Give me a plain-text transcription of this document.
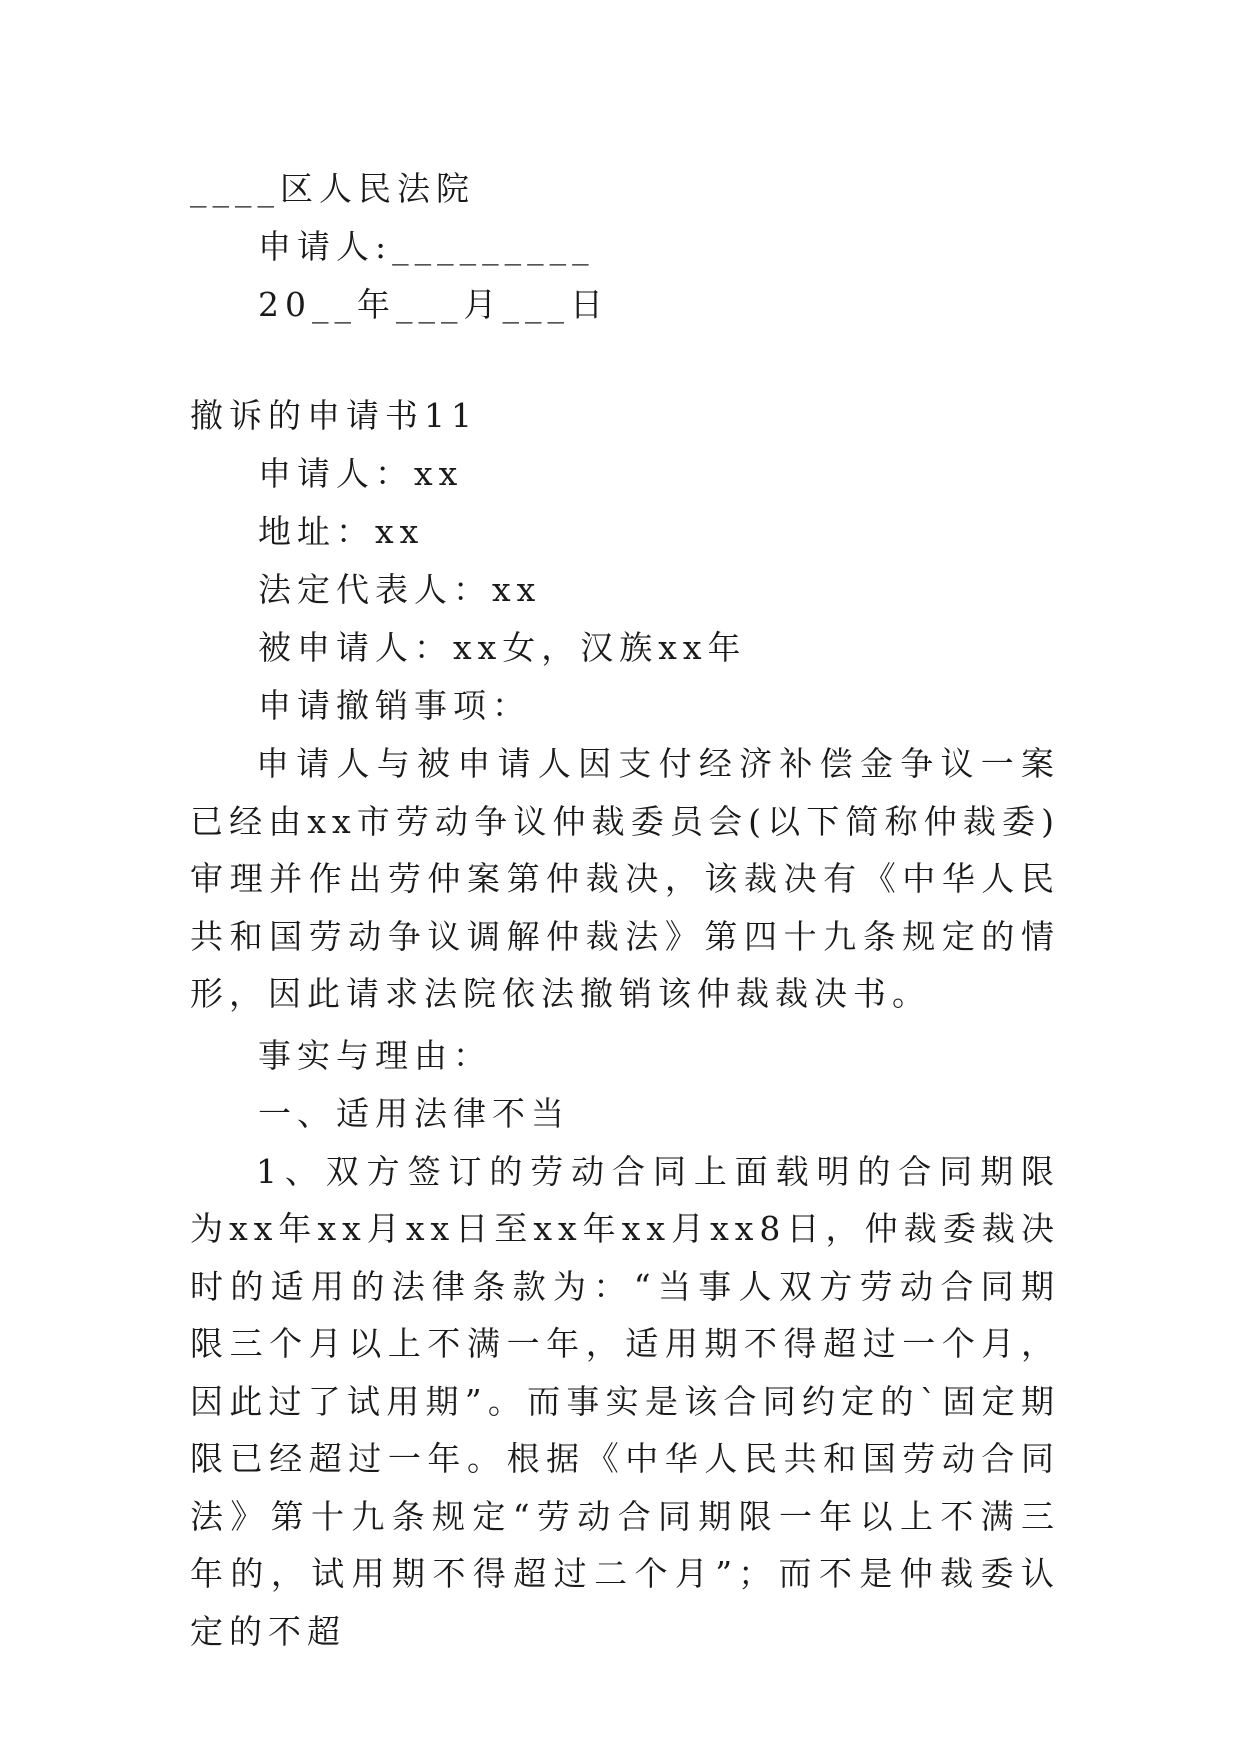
____区人民法院
申请人:_________
20__年___月___日
撤诉的申请书11
申请人：xx
地址：xx
法定代表人：xx
被申请人：xx女，汉族xx年
申请撤销事项：

申请人与被申请人因支付经济补偿金争议一案已经由xx市劳动争议仲裁委员会(以下简称仲裁委)审理并作出劳仲案第仲裁决，该裁决有《中华人民共和国劳动争议调解仲裁法》第四十九条规定的情形，因此请求法院依法撤销该仲裁裁决书。

事实与理由：
一、适用法律不当

1、双方签订的劳动合同上面载明的合同期限为xx年xx月xx日至xx年xx月xx8日，仲裁委裁决时的适用的法律条款为：“当事人双方劳动合同期限三个月以上不满一年，适用期不得超过一个月，因此过了试用期”。而事实是该合同约定的`固定期限已经超过一年。根据《中华人民共和国劳动合同法》第十九条规定“劳动合同期限一年以上不满三年的，试用期不得超过二个月”；而不是仲裁委认定的不超
